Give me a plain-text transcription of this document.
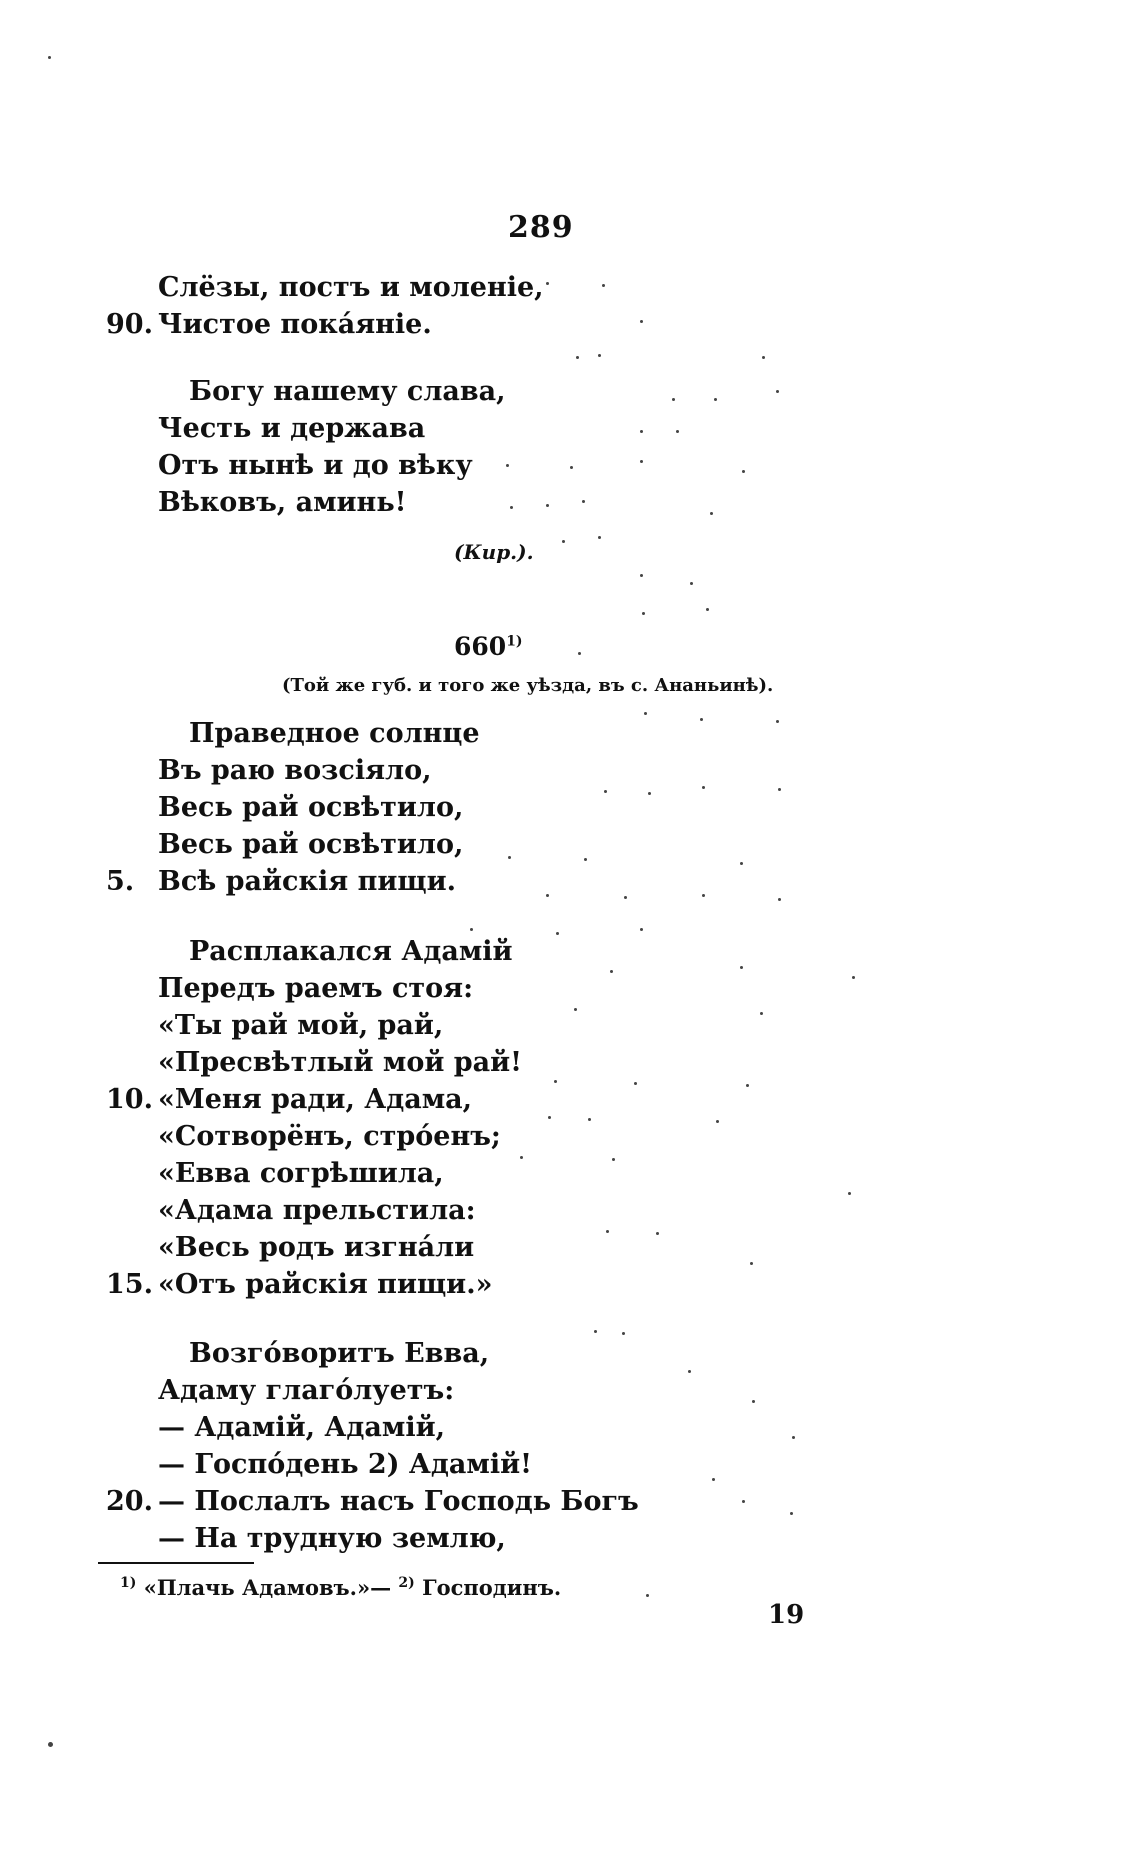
289
Слёзы, постъ и моленіе,
90. Чистое покáяніе.
Богу нашему слава,
Честь и держава
Отъ нынѣ и до вѣку
Вѣковъ, аминь!
(Кир.).
660$^{1)}$
(Той же губ. и того же уѣзда, въ с. Ананьинѣ).
Праведное солнце
Въ раю возсіяло,
Весь рай освѣтило,
Весь рай освѣтило,
5. Всѣ райскія пищи.
Расплакался Адамій
Передъ раемъ стоя:
«Ты рай мой, рай,
«Пресвѣтлый мой рай!
10. «Меня ради, Адама,
«Сотворёнъ, стрóенъ;
«Евва согрѣшила,
«Адама прельстила:
«Весь родъ изгнáли
15. «Отъ райскія пищи.»
Возгóворитъ Евва,
Адаму глагóлуетъ:
— Адамій, Адамій,
— Госпóдень 2) Адамій!
20. — Послалъ насъ Господь Богъ
— На трудную землю,
$^{1)}$ «Плачь Адамовъ.»— $^{2)}$ Господинъ.
19
